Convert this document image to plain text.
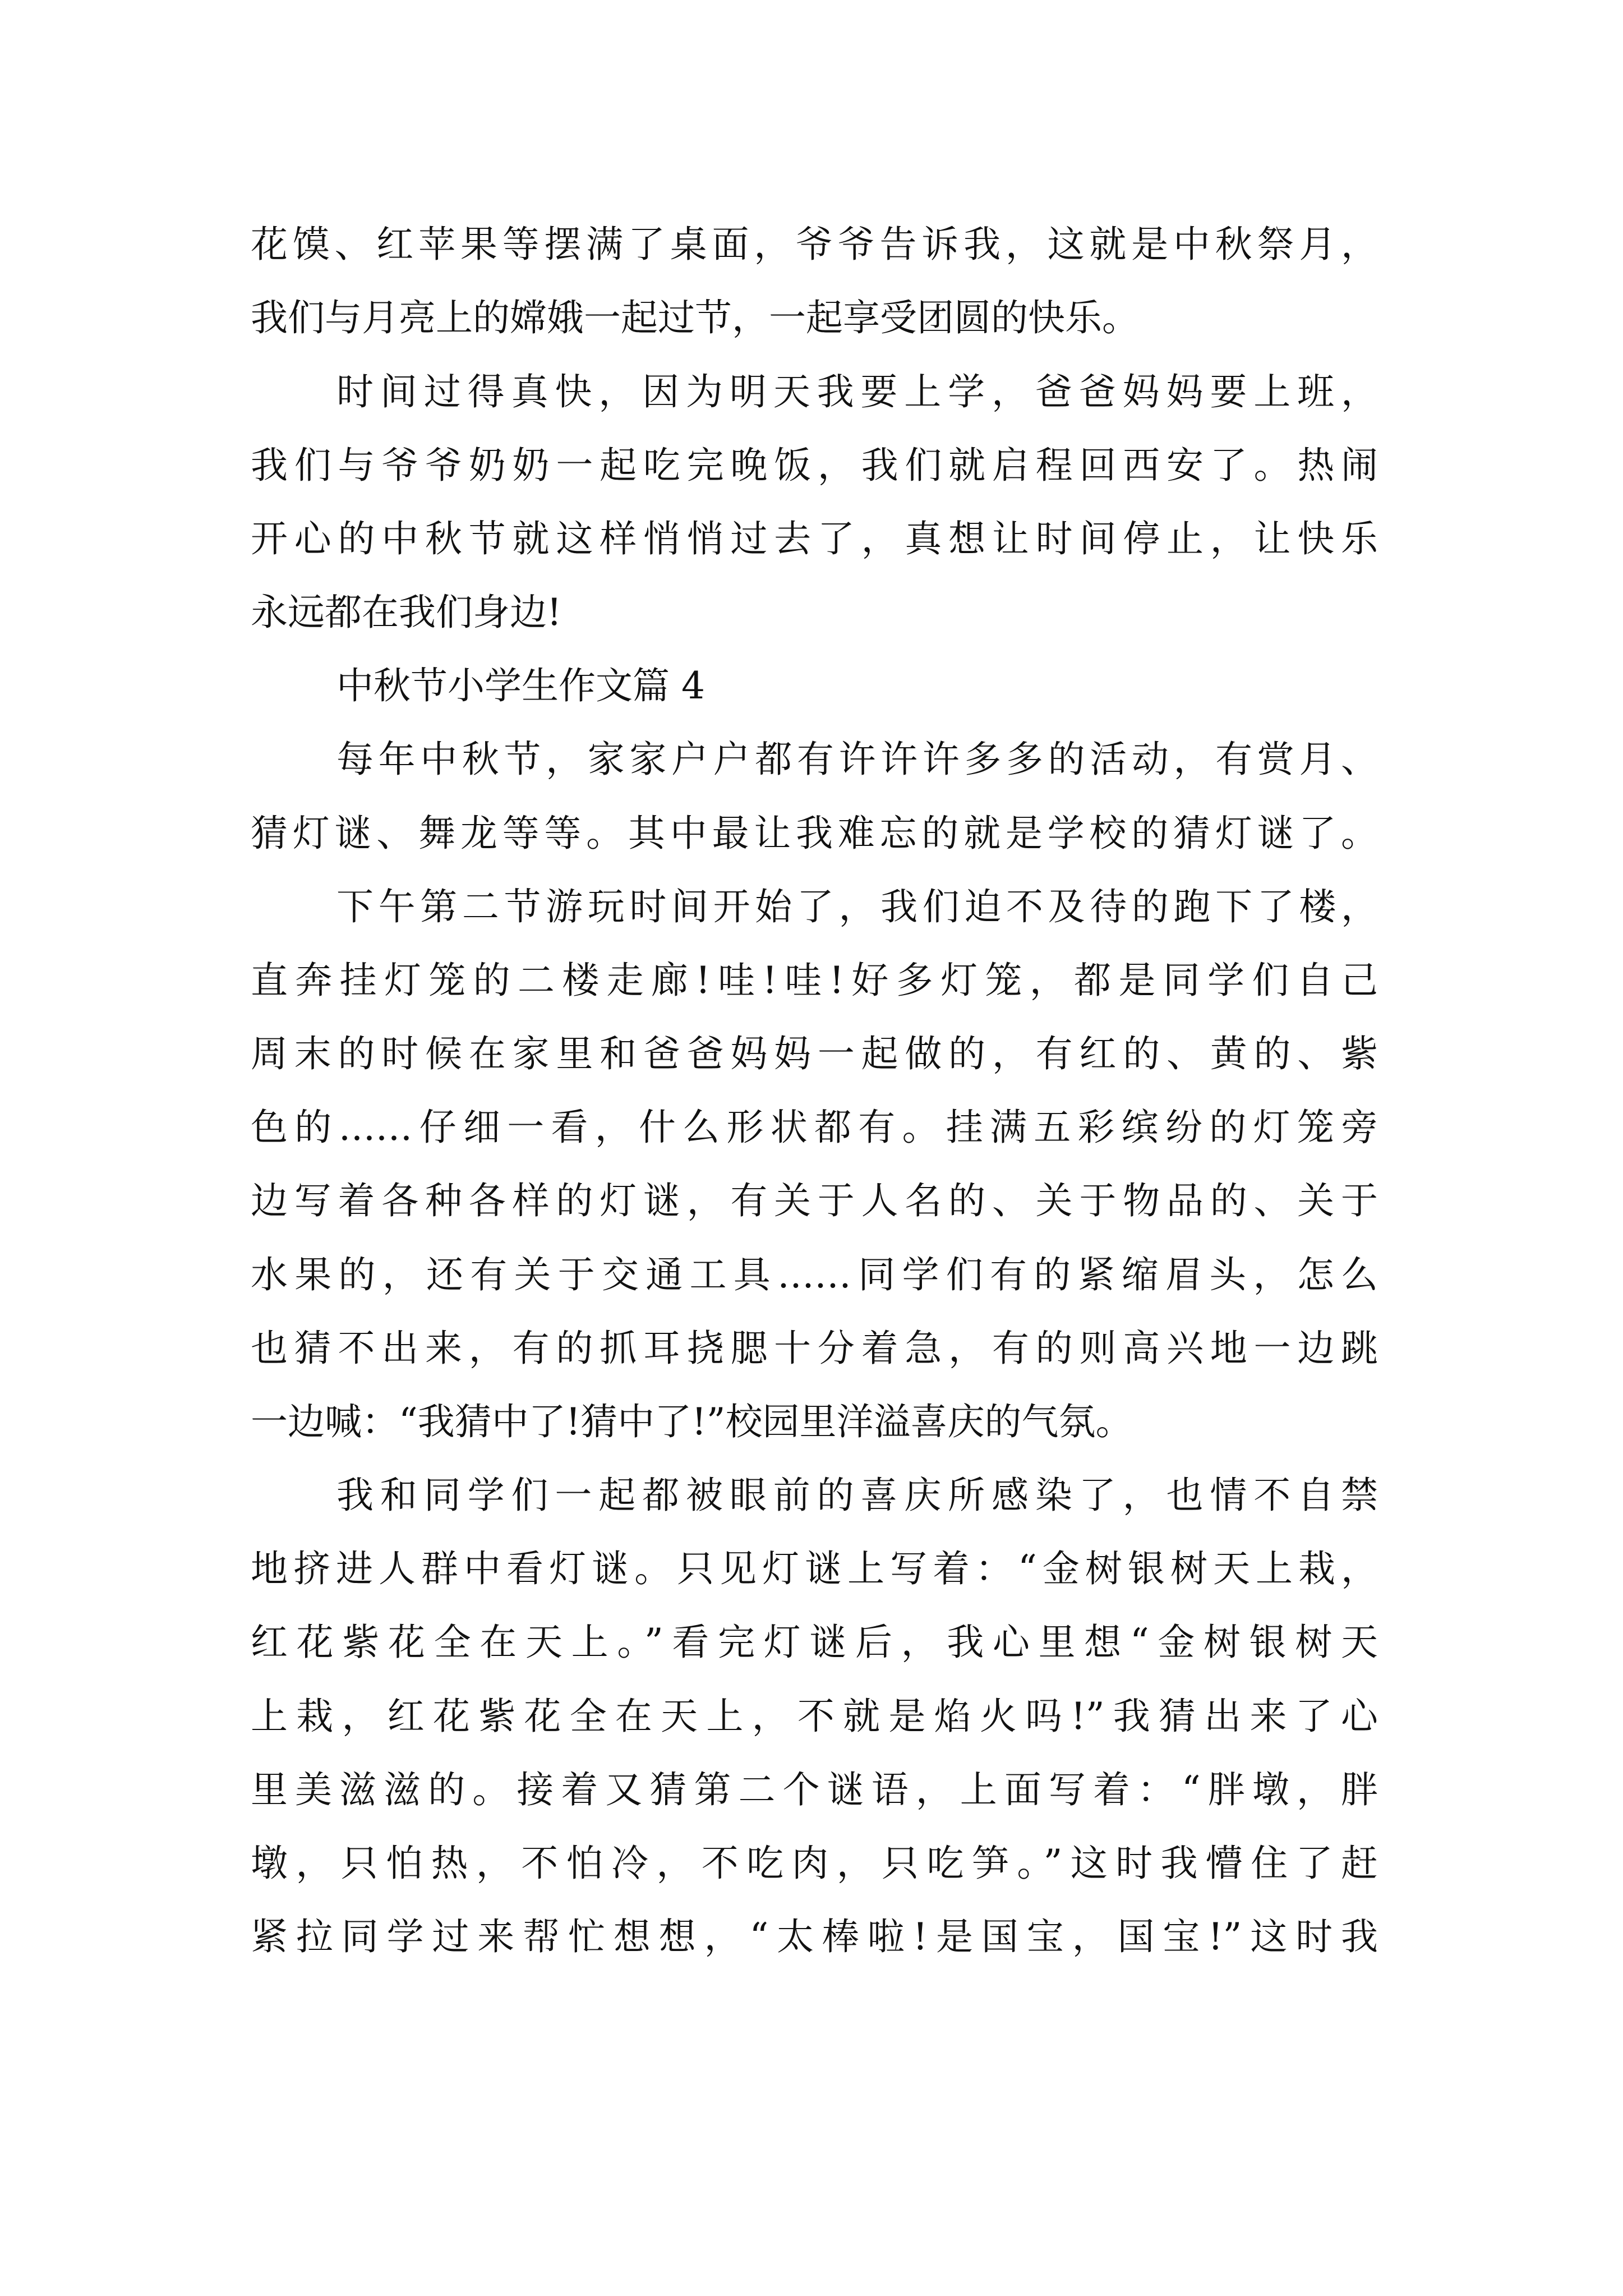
花馍、红苹果等摆满了桌面，爷爷告诉我，这就是中秋祭月，
我们与月亮上的嫦娥一起过节，一起享受团圆的快乐。
时间过得真快，因为明天我要上学，爸爸妈妈要上班，
我们与爷爷奶奶一起吃完晚饭，我们就启程回西安了。热闹
开心的中秋节就这样悄悄过去了，真想让时间停止，让快乐
永远都在我们身边!
中秋节小学生作文篇 4
每年中秋节，家家户户都有许许许多多的活动，有赏月、
猜灯谜、舞龙等等。其中最让我难忘的就是学校的猜灯谜了。
下午第二节游玩时间开始了，我们迫不及待的跑下了楼，
直奔挂灯笼的二楼走廊!哇!哇!好多灯笼，都是同学们自己
周末的时候在家里和爸爸妈妈一起做的，有红的、黄的、紫
色的……仔细一看，什么形状都有。挂满五彩缤纷的灯笼旁
边写着各种各样的灯谜，有关于人名的、关于物品的、关于
水果的，还有关于交通工具……同学们有的紧缩眉头，怎么
也猜不出来，有的抓耳挠腮十分着急，有的则高兴地一边跳
一边喊：“我猜中了!猜中了!”校园里洋溢喜庆的气氛。
我和同学们一起都被眼前的喜庆所感染了，也情不自禁
地挤进人群中看灯谜。只见灯谜上写着：“金树银树天上栽，
红花紫花全在天上。”看完灯谜后，我心里想“金树银树天
上栽，红花紫花全在天上，不就是焰火吗!”我猜出来了心
里美滋滋的。接着又猜第二个谜语，上面写着：“胖墩，胖
墩，只怕热，不怕冷，不吃肉，只吃笋。”这时我懵住了赶
紧拉同学过来帮忙想想，“太棒啦!是国宝，国宝!”这时我
